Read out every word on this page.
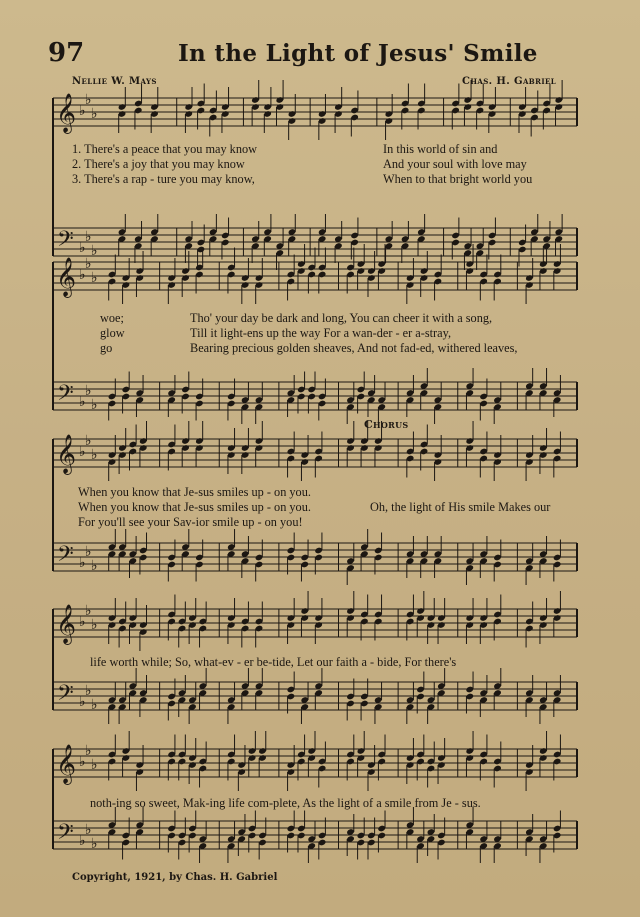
97	In the Light of Jesus' Smile
Nellie W. Mays	Chas. H. Gabriel
𝄞
𝄢
♭
♭
♭
♭
♭
♭
𝄞
𝄢
♭
♭
♭
♭
♭
♭
𝄞
𝄢
♭
♭
♭
♭
♭
♭
𝄞
𝄢
♭
♭
♭
♭
♭
♭
𝄞
𝄢
♭
♭
♭
♭
♭
♭
1. There's a peace that you may know	In this world of sin and
2. There's a joy that you may know	And your soul with love may
3. There's a rap - ture you may know,	When to that bright world you
woe;	Tho' your day be dark and long, You can cheer it with a song,
glow	Till it light-ens up the way For a wan-der - er a-stray,
go	Bearing precious golden sheaves, And not fad-ed, withered leaves,
Chorus
When you know that Je-sus smiles up - on you.
Oh, the light of His smile Makes our
When you know that Je-sus smiles up - on you.
For you'll see your Sav-ior smile up - on you!
life worth while; So, what-ev - er be-tide, Let our faith a - bide, For there's
noth-ing so sweet, Mak-ing life com-plete, As the light of a smile from Je - sus.
Copyright, 1921, by Chas. H. Gabriel
